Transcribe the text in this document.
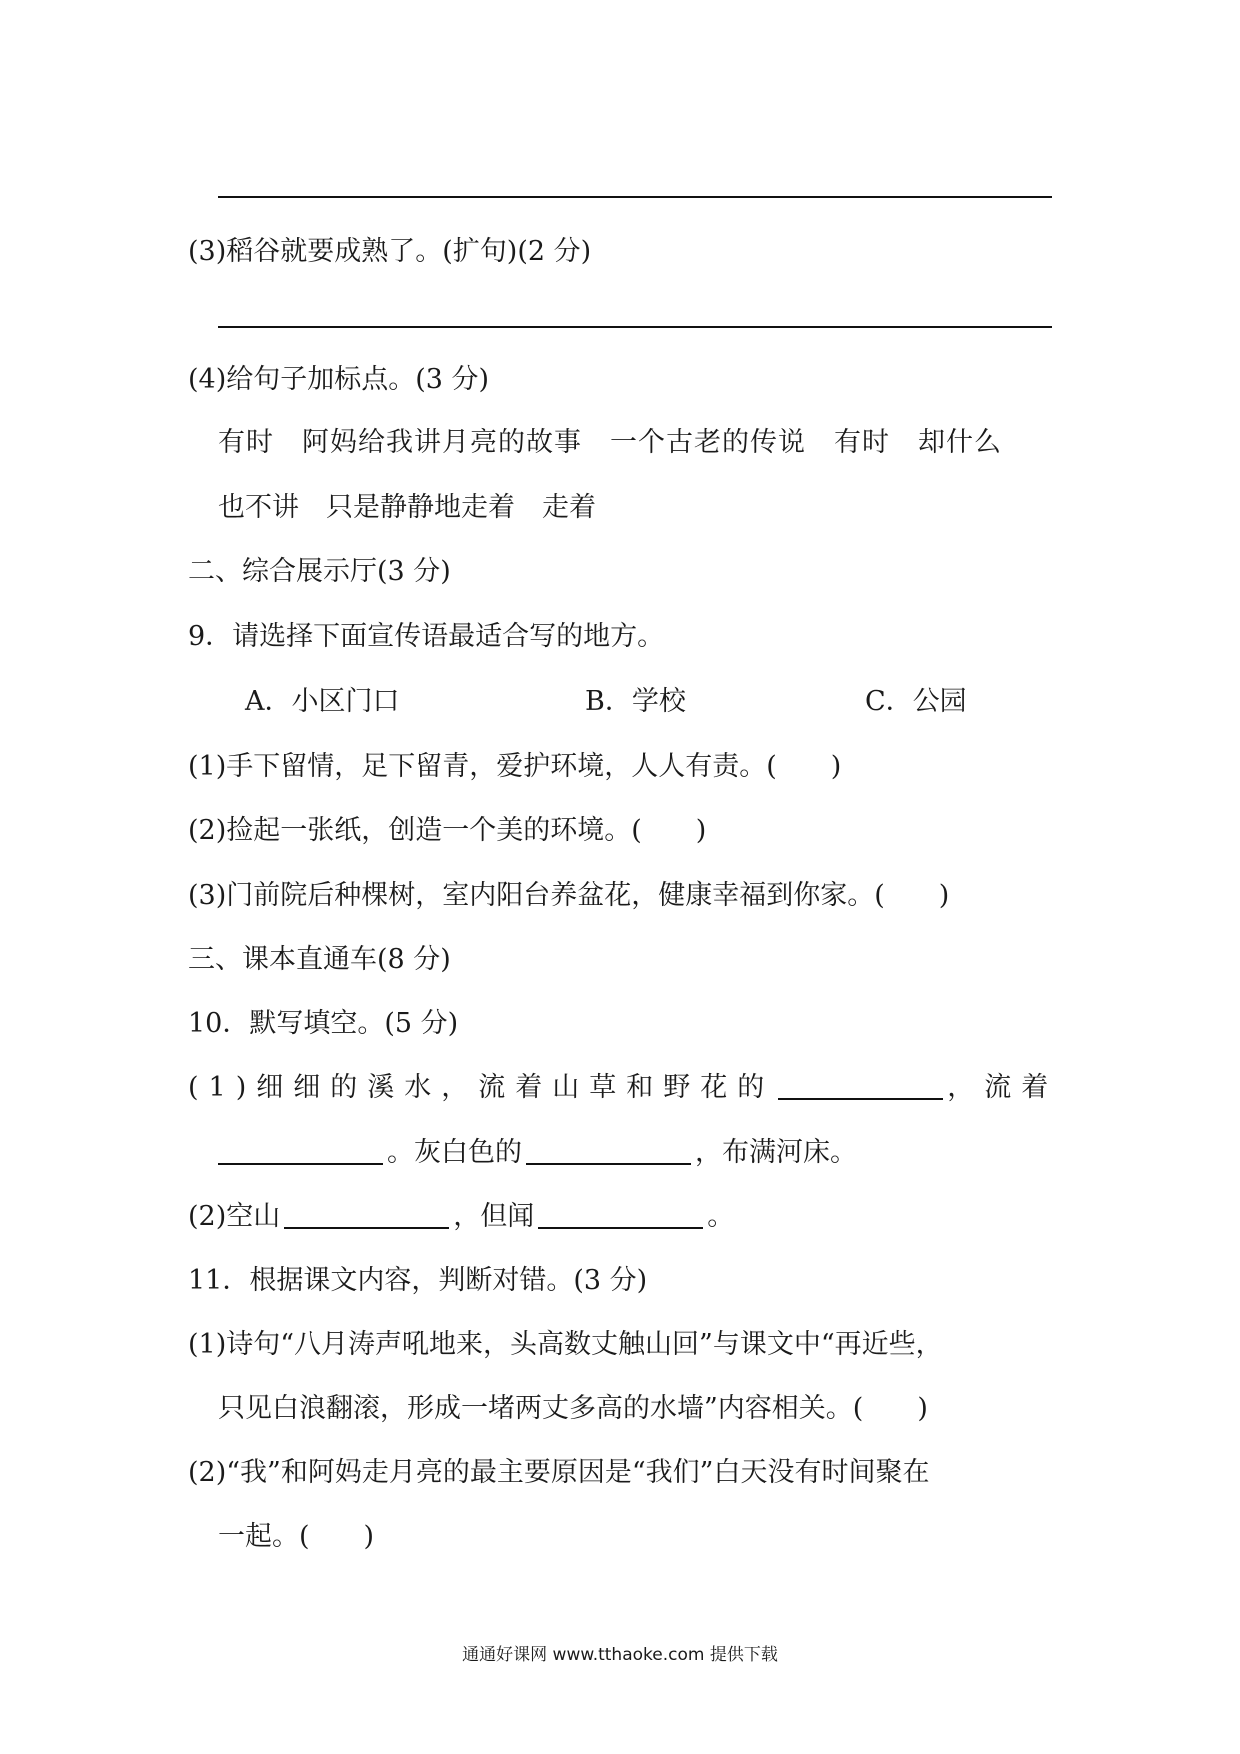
(3)稻谷就要成熟了。(扩句)(2 分)
(4)给句子加标点。(3 分)
有时　阿妈给我讲月亮的故事　一个古老的传说　有时　却什么
也不讲　只是静静地走着　走着
二、综合展示厅(3 分)
9．请选择下面宣传语最适合写的地方。
A．小区门口	B．学校	C．公园
(1)手下留情，足下留青，爱护环境，人人有责。(　　)
(2)捡起一张纸，创造一个美的环境。(　　)
(3)门前院后种棵树，室内阳台养盆花，健康幸福到你家。(　　)
三、课本直通车(8 分)
10．默写填空。(5 分)
(1)细细的溪水，流着山草和野花的	，流着
。灰白色的	，布满河床。
(2)空山	，但闻	。
11．根据课文内容，判断对错。(3 分)
(1)诗句“八月涛声吼地来，头高数丈触山回”与课文中“再近些，
只见白浪翻滚，形成一堵两丈多高的水墙”内容相关。(　　)
(2)“我”和阿妈走月亮的最主要原因是“我们”白天没有时间聚在
一起。(　　)
通通好课网 www.tthaoke.com 提供下载
